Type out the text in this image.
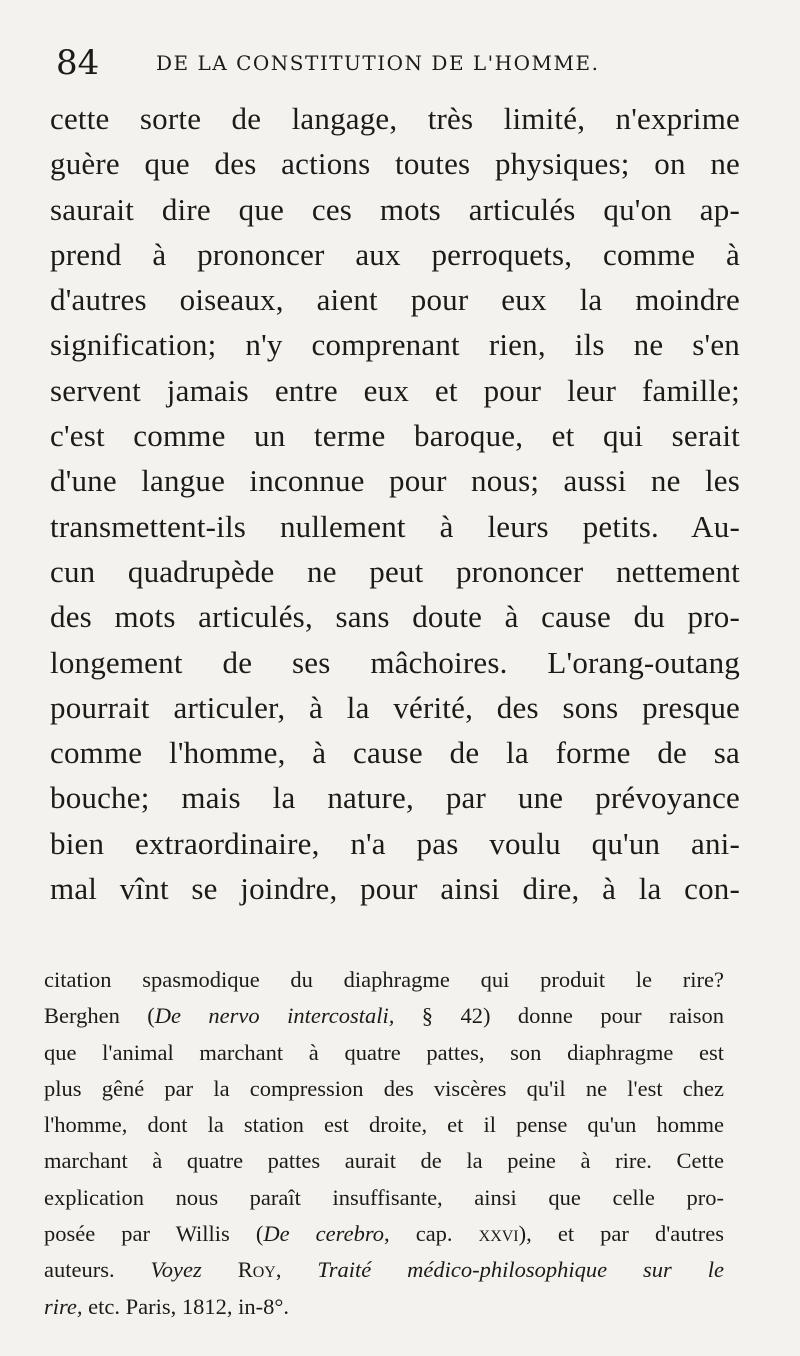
84	DE LA CONSTITUTION DE L'HOMME.
cette sorte de langage, très limité, n'exprime
guère que des actions toutes physiques; on ne
saurait dire que ces mots articulés qu'on ap-
prend à prononcer aux perroquets, comme à
d'autres oiseaux, aient pour eux la moindre
signification; n'y comprenant rien, ils ne s'en
servent jamais entre eux et pour leur famille;
c'est comme un terme baroque, et qui serait
d'une langue inconnue pour nous; aussi ne les
transmettent-ils nullement à leurs petits. Au-
cun quadrupède ne peut prononcer nettement
des mots articulés, sans doute à cause du pro-
longement de ses mâchoires. L'orang-outang
pourrait articuler, à la vérité, des sons presque
comme l'homme, à cause de la forme de sa
bouche; mais la nature, par une prévoyance
bien extraordinaire, n'a pas voulu qu'un ani-
mal vînt se joindre, pour ainsi dire, à la con-
citation spasmodique du diaphragme qui produit le rire?
Berghen (De nervo intercostali, § 42) donne pour raison
que l'animal marchant à quatre pattes, son diaphragme est
plus gêné par la compression des viscères qu'il ne l'est chez
l'homme, dont la station est droite, et il pense qu'un homme
marchant à quatre pattes aurait de la peine à rire. Cette
explication nous paraît insuffisante, ainsi que celle pro-
posée par Willis (De cerebro, cap. xxvi), et par d'autres
auteurs. Voyez Roy, Traité médico-philosophique sur le
rire, etc. Paris, 1812, in-8°.
